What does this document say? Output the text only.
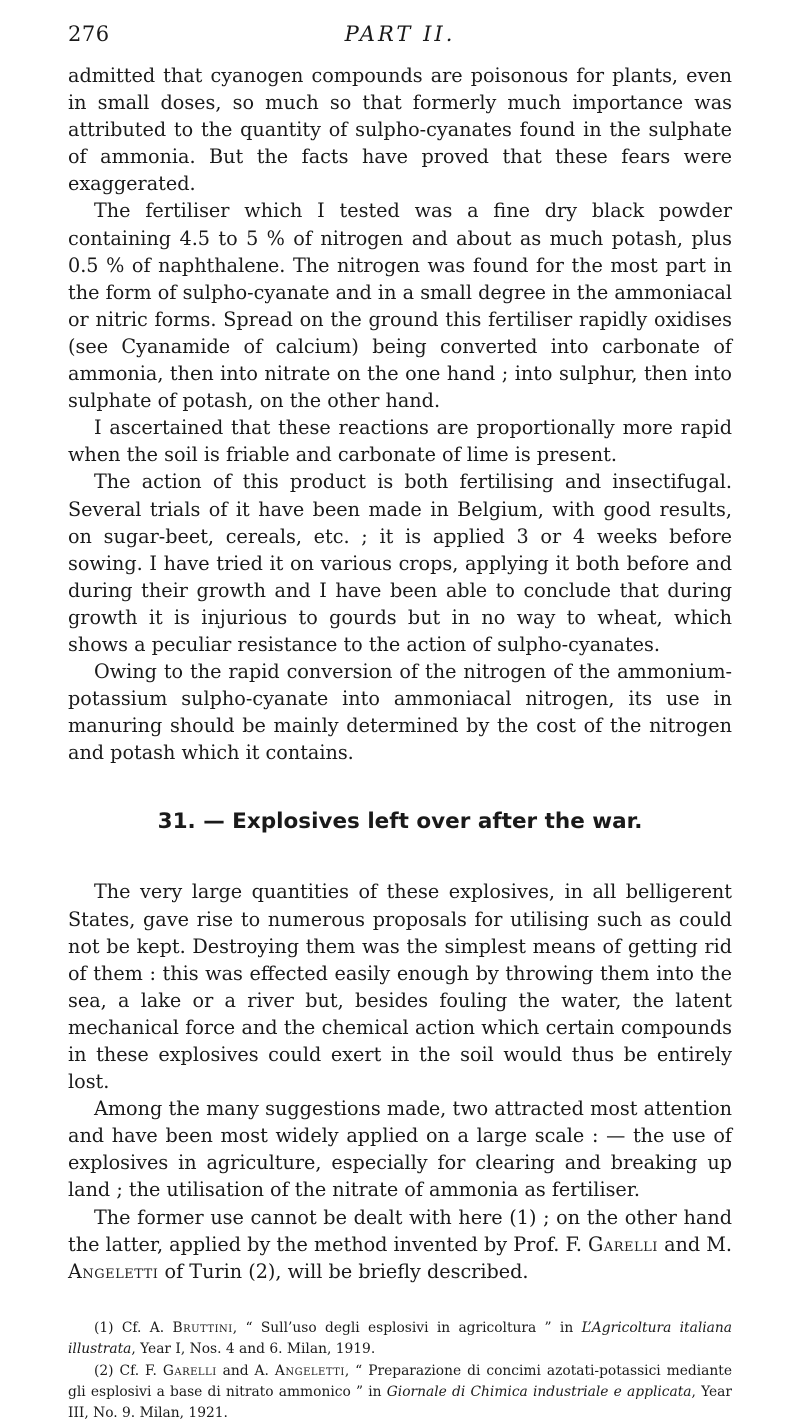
276	PART II.

admitted that cyanogen compounds are poisonous for plants, even in small doses, so much so that formerly much importance was attributed to the quantity of sulpho-cyanates found in the sulphate of ammonia. But the facts have proved that these fears were exaggerated.

The fertiliser which I tested was a fine dry black powder containing 4.5 to 5 % of nitrogen and about as much potash, plus 0.5 % of naphthalene. The nitrogen was found for the most part in the form of sulpho-cyanate and in a small degree in the ammoniacal or nitric forms. Spread on the ground this fertiliser rapidly oxidises (see Cyanamide of calcium) being converted into carbonate of ammonia, then into nitrate on the one hand ; into sulphur, then into sulphate of potash, on the other hand.

I ascertained that these reactions are proportionally more rapid when the soil is friable and carbonate of lime is present.

The action of this product is both fertilising and insectifugal. Several trials of it have been made in Belgium, with good results, on sugar-beet, cereals, etc. ; it is applied 3 or 4 weeks before sowing. I have tried it on various crops, applying it both before and during their growth and I have been able to conclude that during growth it is injurious to gourds but in no way to wheat, which shows a peculiar resistance to the action of sulpho-cyanates.

Owing to the rapid conversion of the nitrogen of the ammonium-potassium sulpho-cyanate into ammoniacal nitrogen, its use in manuring should be mainly determined by the cost of the nitrogen and potash which it contains.

31. — Explosives left over after the war.

The very large quantities of these explosives, in all belligerent States, gave rise to numerous proposals for utilising such as could not be kept. Destroying them was the simplest means of getting rid of them : this was effected easily enough by throwing them into the sea, a lake or a river but, besides fouling the water, the latent mechanical force and the chemical action which certain compounds in these explosives could exert in the soil would thus be entirely lost.

Among the many suggestions made, two attracted most attention and have been most widely applied on a large scale : — the use of explosives in agriculture, especially for clearing and breaking up land ; the utilisation of the nitrate of ammonia as fertiliser.

The former use cannot be dealt with here (1) ; on the other hand the latter, applied by the method invented by Prof. F. Garelli and M. Angeletti of Turin (2), will be briefly described.

(1) Cf. A. Bruttini, “ Sull’uso degli esplosivi in agricoltura ” in L’Agricoltura italiana illustrata, Year I, Nos. 4 and 6. Milan, 1919.

(2) Cf. F. Garelli and A. Angeletti, “ Preparazione di concimi azotati-potassici mediante gli esplosivi a base di nitrato ammonico ” in Giornale di Chimica industriale e applicata, Year III, No. 9. Milan, 1921.
